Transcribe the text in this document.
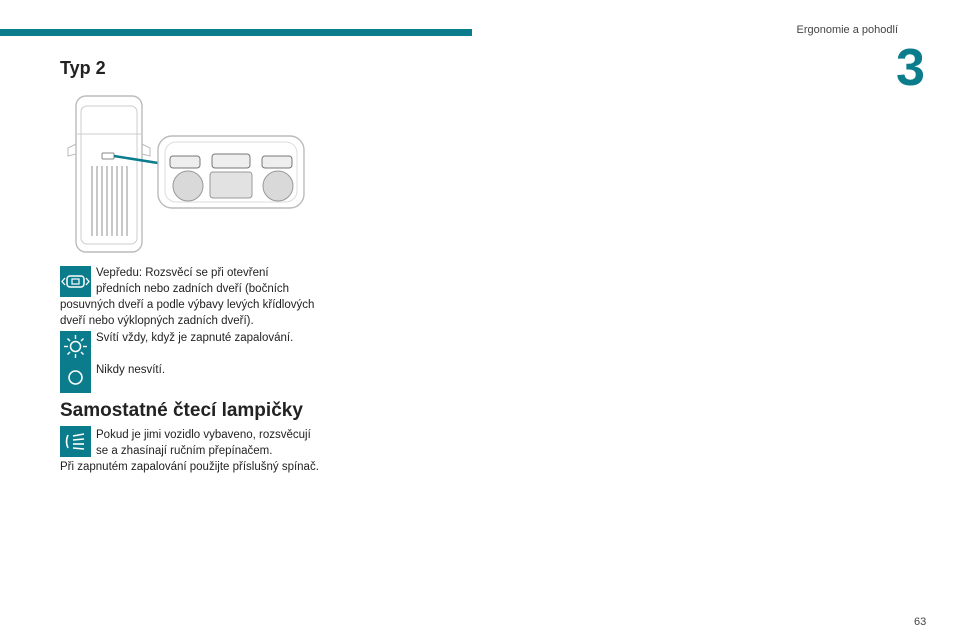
Ergonomie a pohodlí
3
Typ 2
Vepředu: Rozsvěcí se při otevření
předních nebo zadních dveří (bočních
posuvných dveří a podle výbavy levých křídlových dveří nebo výklopných zadních dveří).
Svítí vždy, když je zapnuté zapalování.
Nikdy nesvítí.
Samostatné čtecí lampičky
Pokud je jimi vozidlo vybaveno, rozsvěcují
se a zhasínají ručním přepínačem.
Při zapnutém zapalování použijte příslušný spínač.
63
